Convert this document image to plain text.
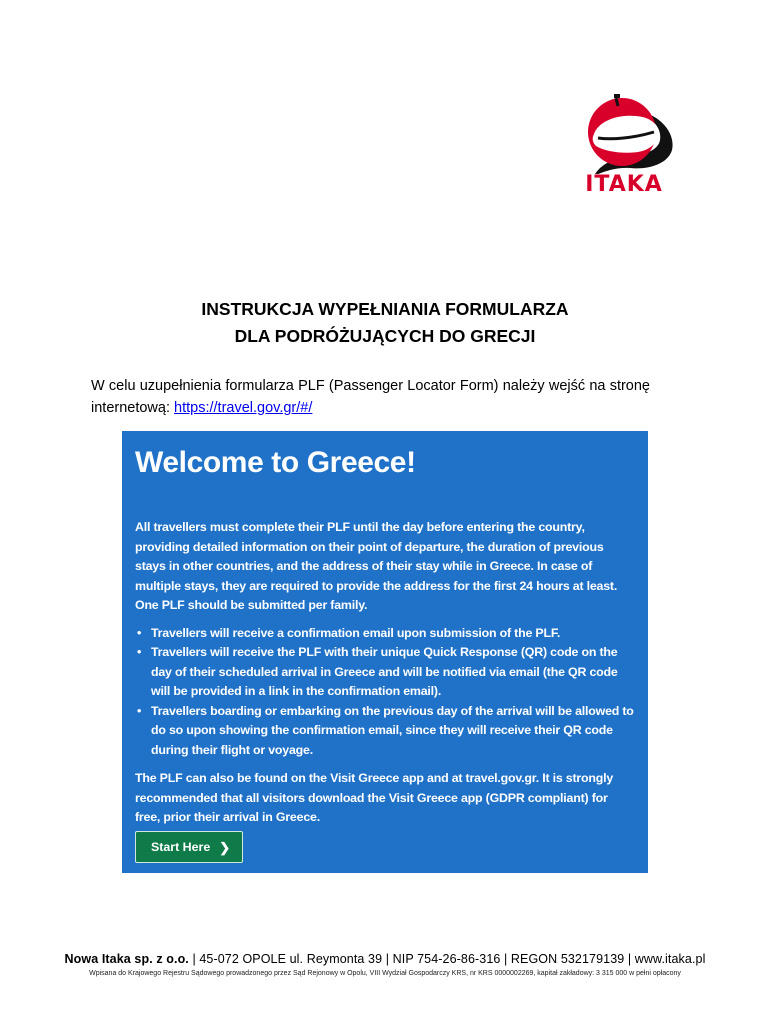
ITAKA
INSTRUKCJA WYPEŁNIANIA FORMULARZA
DLA PODRÓŻUJĄCYCH DO GRECJI
W celu uzupełnienia formularza PLF (Passenger Locator Form) należy wejść na stronę internetową: https://travel.gov.gr/#/
Welcome to Greece!

All travellers must complete their PLF until the day before entering the country, providing detailed information on their point of departure, the duration of previous stays in other countries, and the address of their stay while in Greece. In case of multiple stays, they are required to provide the address for the first 24 hours at least. One PLF should be submitted per family.

• Travellers will receive a confirmation email upon submission of the PLF.
• Travellers will receive the PLF with their unique Quick Response (QR) code on the day of their scheduled arrival in Greece and will be notified via email (the QR code will be provided in a link in the confirmation email).
• Travellers boarding or embarking on the previous day of the arrival will be allowed to do so upon showing the confirmation email, since they will receive their QR code during their flight or voyage.

The PLF can also be found on the Visit Greece app and at travel.gov.gr. It is strongly recommended that all visitors download the Visit Greece app (GDPR compliant) for free, prior their arrival in Greece.

Start Here ❯
Nowa Itaka sp. z o.o. | 45-072 OPOLE ul. Reymonta 39 | NIP 754-26-86-316 | REGON 532179139 | www.itaka.pl
Wpisana do Krajowego Rejestru Sądowego prowadzonego przez Sąd Rejonowy w Opolu, VIII Wydział Gospodarczy KRS, nr KRS 0000002269, kapitał zakładowy: 3 315 000 w pełni opłacony
